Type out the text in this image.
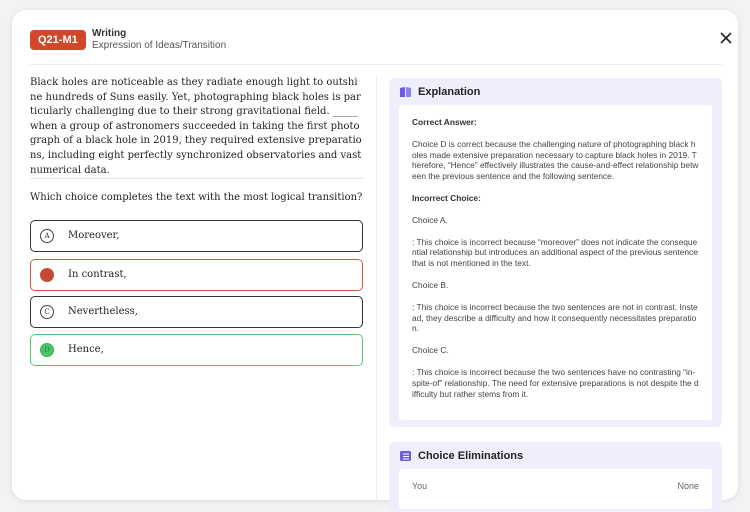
Q21-M1
Writing
Expression of Ideas/Transition
Black holes are noticeable as they radiate enough light to outshine hundreds of Suns easily. Yet, photographing black holes is particularly challenging due to their strong gravitational field. _____ when a group of astronomers succeeded in taking the first photograph of a black hole in 2019, they required extensive preparations, including eight perfectly synchronized observatories and vast numerical data.
Which choice completes the text with the most logical transition?
A	Moreover,
B	In contrast,
C	Nevertheless,
D	Hence,
Explanation
Correct Answer:

Choice D is correct because the challenging nature of photographing black holes made extensive preparation necessary to capture black holes in 2019. Therefore, “Hence” effectively illustrates the cause-and-effect relationship between the previous sentence and the following sentence.

Incorrect Choice:

Choice A.

: This choice is incorrect because “moreover” does not indicate the consequential relationship but introduces an additional aspect of the previous sentence that is not mentioned in the text.

Choice B.

: This choice is incorrect because the two sentences are not in contrast. Instead, they describe a difficulty and how it consequently necessitates preparation.

Choice C.

: This choice is incorrect because the two sentences have no contrasting “in-spite-of” relationship. The need for extensive preparations is not despite the difficulty but rather stems from it.

Choice Eliminations
You	None
